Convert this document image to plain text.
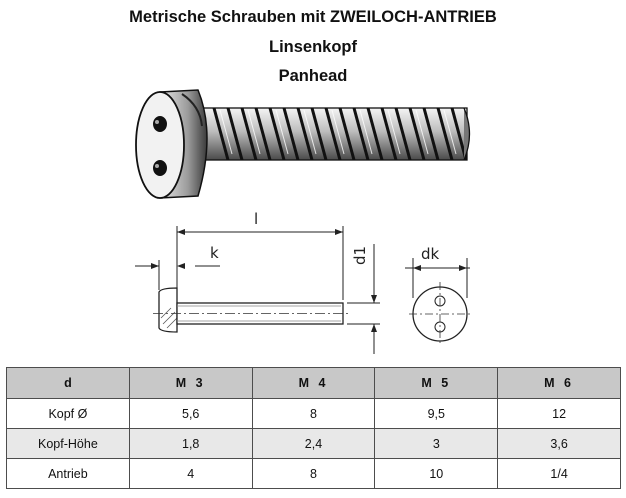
Metrische Schrauben mit ZWEILOCH-ANTRIEB
Linsenkopf
Panhead
l
k	d1	dk
d	M 3	M 4	M 5	M 6
Kopf Ø	5,6	8	9,5	12
Kopf-Höhe	1,8	2,4	3	3,6
Antrieb	4	8	10	1/4
